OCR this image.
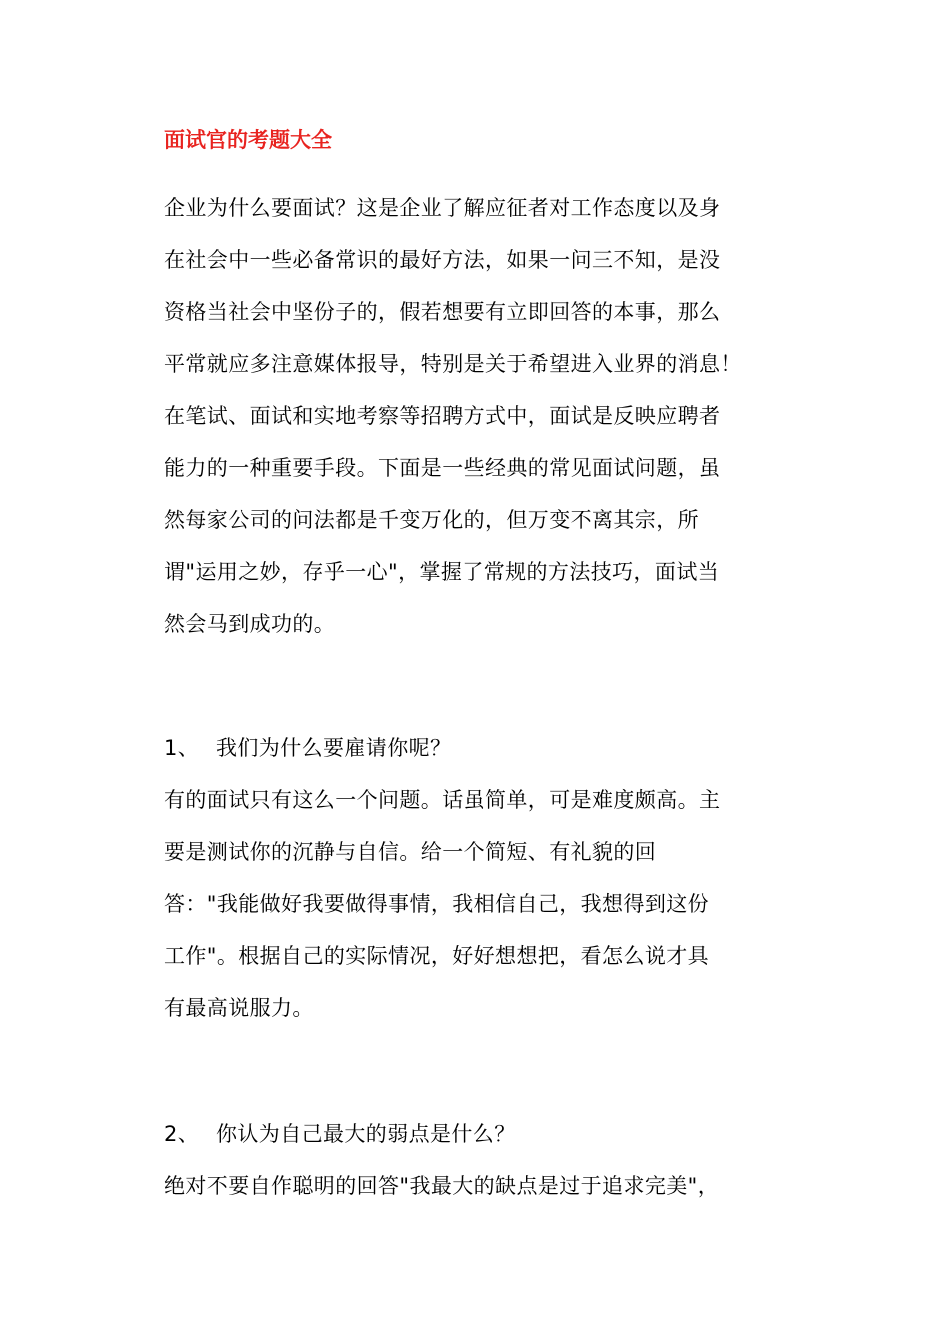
面试官的考题大全
企业为什么要面试？这是企业了解应征者对工作态度以及身
在社会中一些必备常识的最好方法，如果一问三不知，是没
资格当社会中坚份子的，假若想要有立即回答的本事，那么
平常就应多注意媒体报导，特别是关于希望进入业界的消息！
在笔试、面试和实地考察等招聘方式中，面试是反映应聘者
能力的一种重要手段。下面是一些经典的常见面试问题，虽
然每家公司的问法都是千变万化的，但万变不离其宗，所
谓"运用之妙，存乎一心"，掌握了常规的方法技巧，面试当
然会马到成功的。
1、 我们为什么要雇请你呢？
有的面试只有这么一个问题。话虽简单，可是难度颇高。主
要是测试你的沉静与自信。给一个简短、有礼貌的回
答："我能做好我要做得事情，我相信自己，我想得到这份
工作"。根据自己的实际情况，好好想想把，看怎么说才具
有最高说服力。
2、 你认为自己最大的弱点是什么？
绝对不要自作聪明的回答"我最大的缺点是过于追求完美"，
